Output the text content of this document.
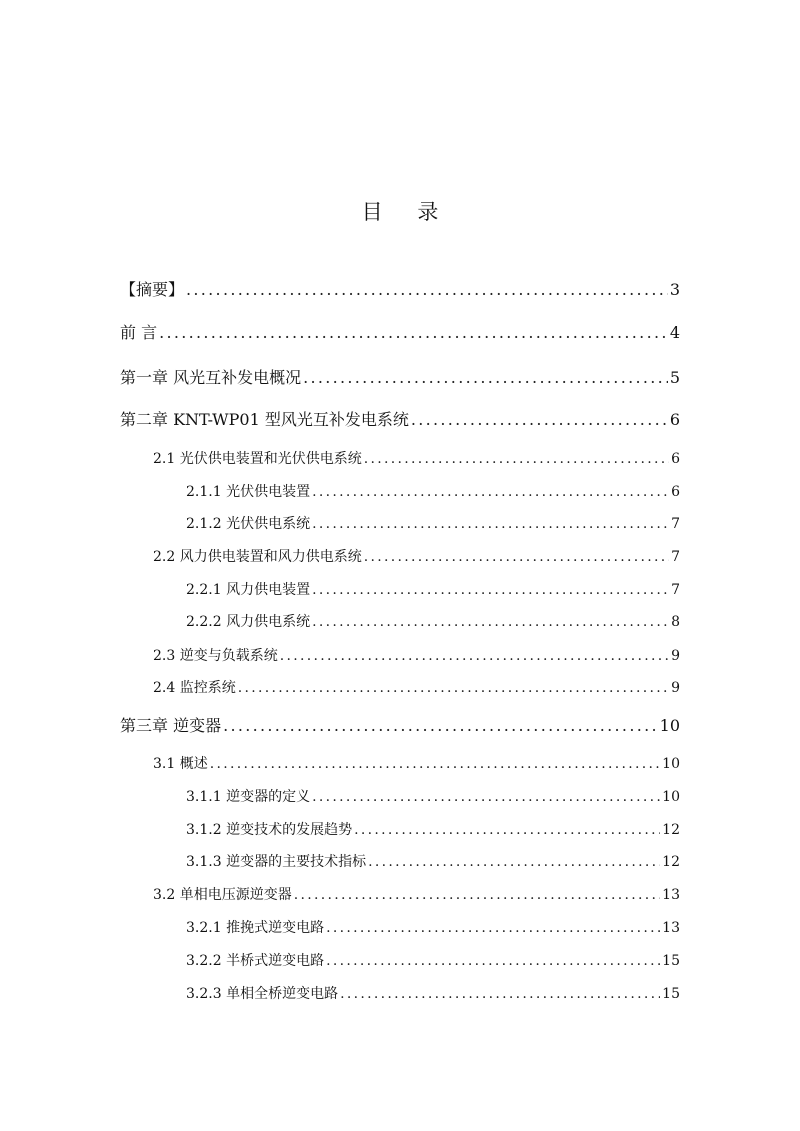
目 录
【摘要】 .....	3
前 言 .....	4
第一章 风光互补发电概况 .....	5
第二章 KNT-WP01 型风光互补发电系统 .....	6
2.1 光伏供电装置和光伏供电系统 .....	6
2.1.1 光伏供电装置 .....	6
2.1.2 光伏供电系统 .....	7
2.2 风力供电装置和风力供电系统 .....	7
2.2.1 风力供电装置 .....	7
2.2.2 风力供电系统 .....	8
2.3 逆变与负载系统 .....	9
2.4 监控系统 .....	9
第三章 逆变器 .....	10
3.1 概述 .....	10
3.1.1 逆变器的定义 .....	10
3.1.2 逆变技术的发展趋势 .....	12
3.1.3 逆变器的主要技术指标 .....	12
3.2 单相电压源逆变器 .....	13
3.2.1 推挽式逆变电路 .....	13
3.2.2 半桥式逆变电路 .....	15
3.2.3 单相全桥逆变电路 .....	15
